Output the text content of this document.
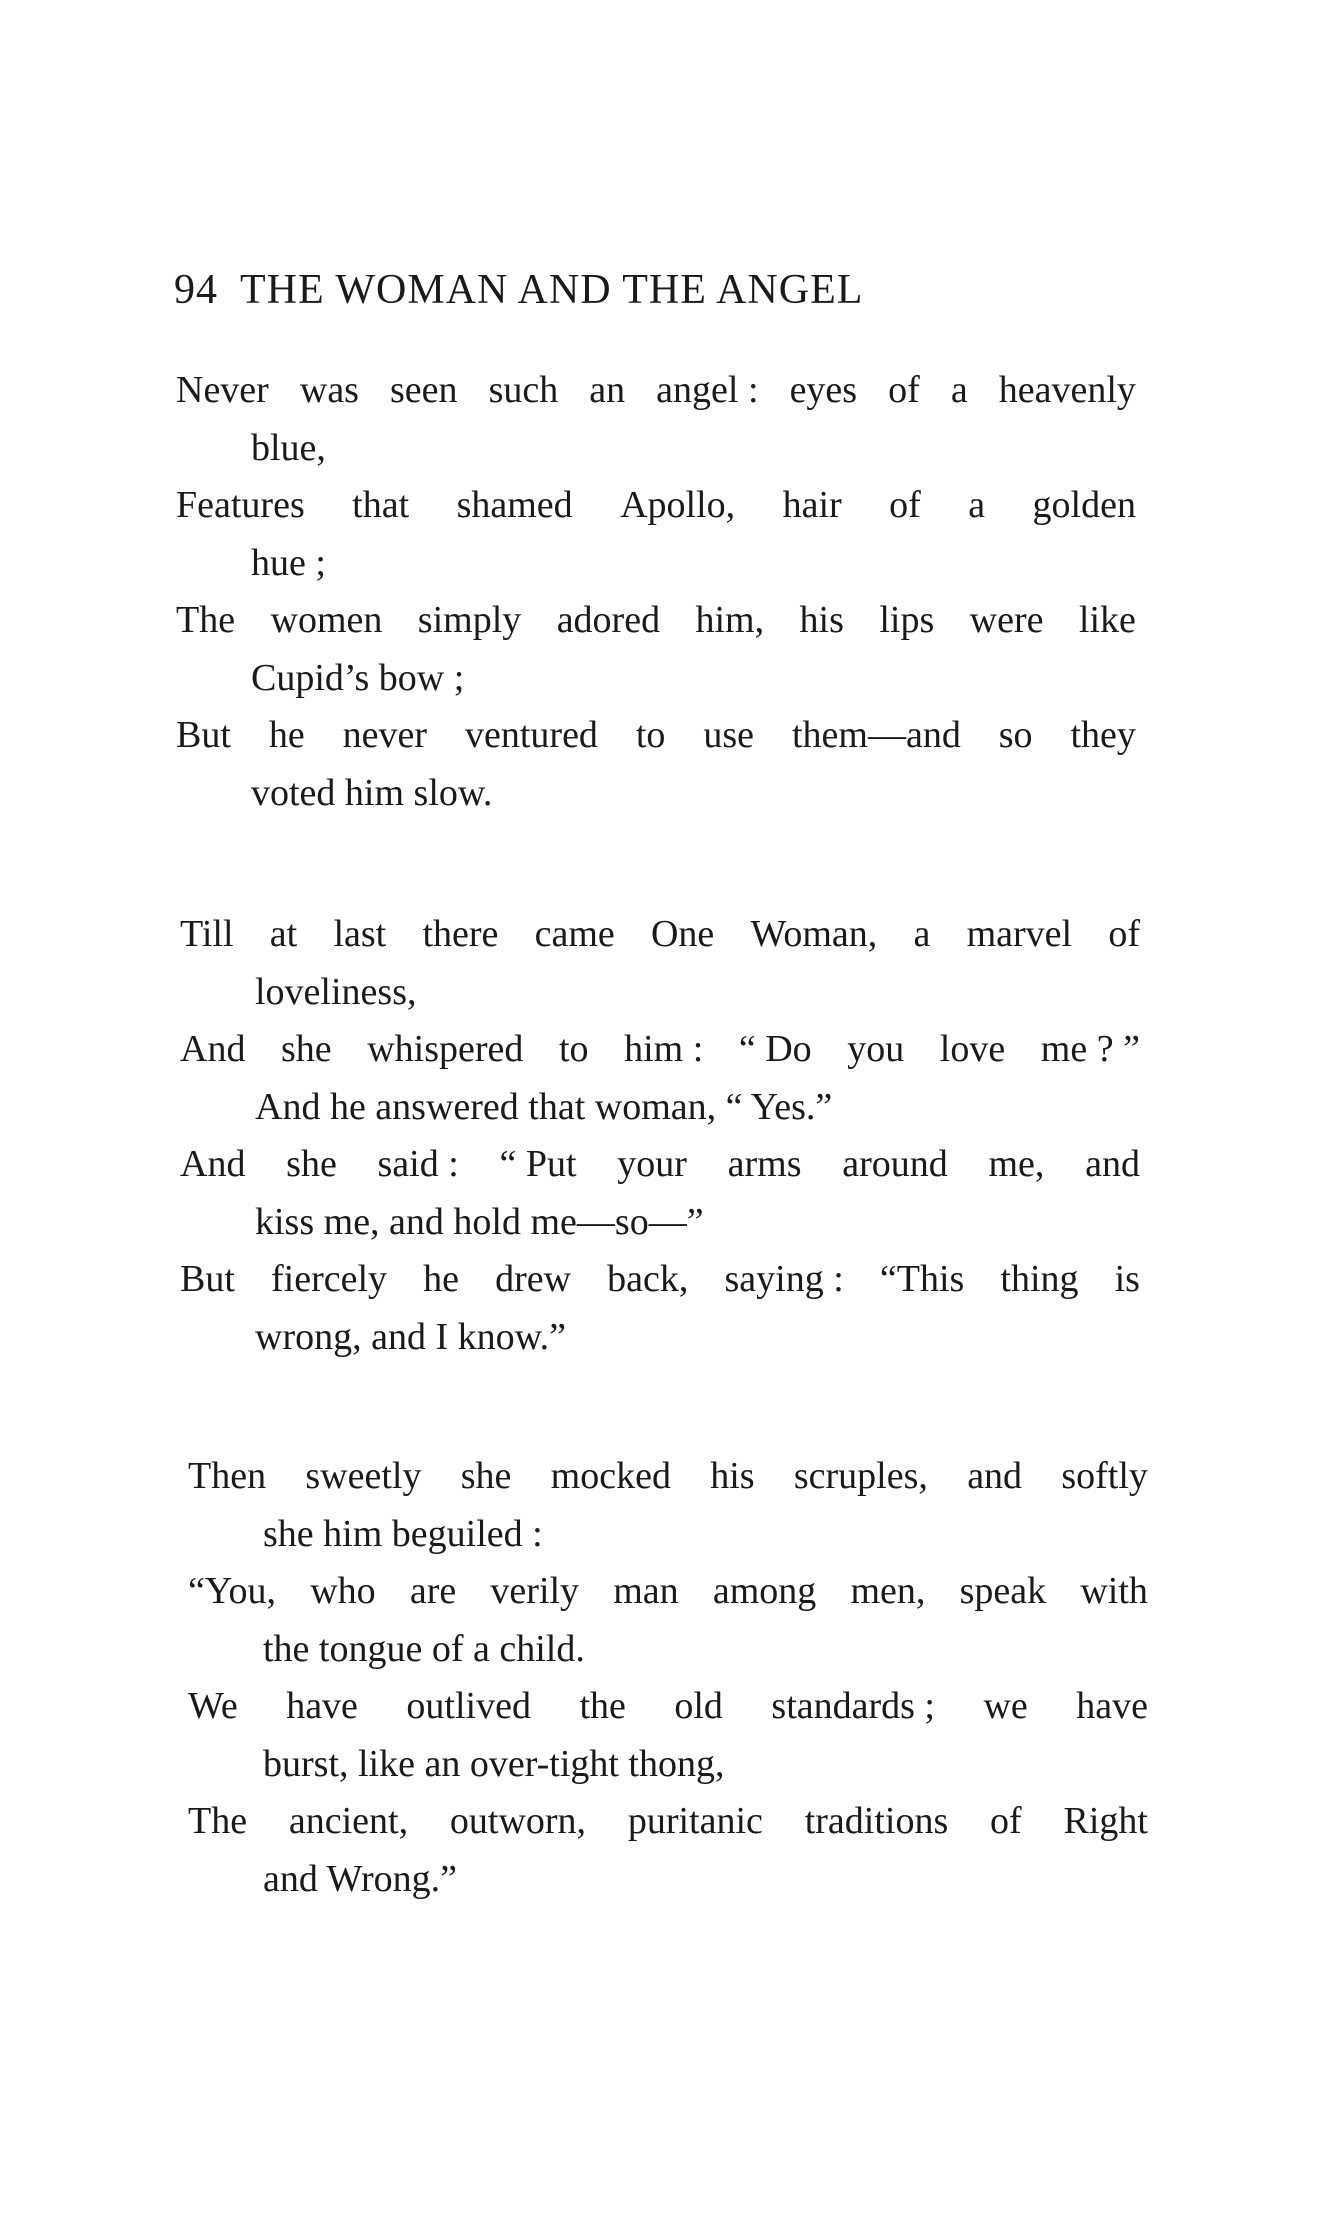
94 THE WOMAN AND THE ANGEL
Never was seen such an angel : eyes of a heavenly
blue,
Features that shamed Apollo, hair of a golden
hue ;
The women simply adored him, his lips were like
Cupid’s bow ;
But he never ventured to use them—and so they
voted him slow.
Till at last there came One Woman, a marvel of
loveliness,
And she whispered to him : “ Do you love me ? ”
And he answered that woman, “ Yes.”
And she said : “ Put your arms around me, and
kiss me, and hold me—so—”
But fiercely he drew back, saying : “This thing is
wrong, and I know.”
Then sweetly she mocked his scruples, and softly
she him beguiled :
“You, who are verily man among men, speak with
the tongue of a child.
We have outlived the old standards ; we have
burst, like an over-tight thong,
The ancient, outworn, puritanic traditions of Right
and Wrong.”
